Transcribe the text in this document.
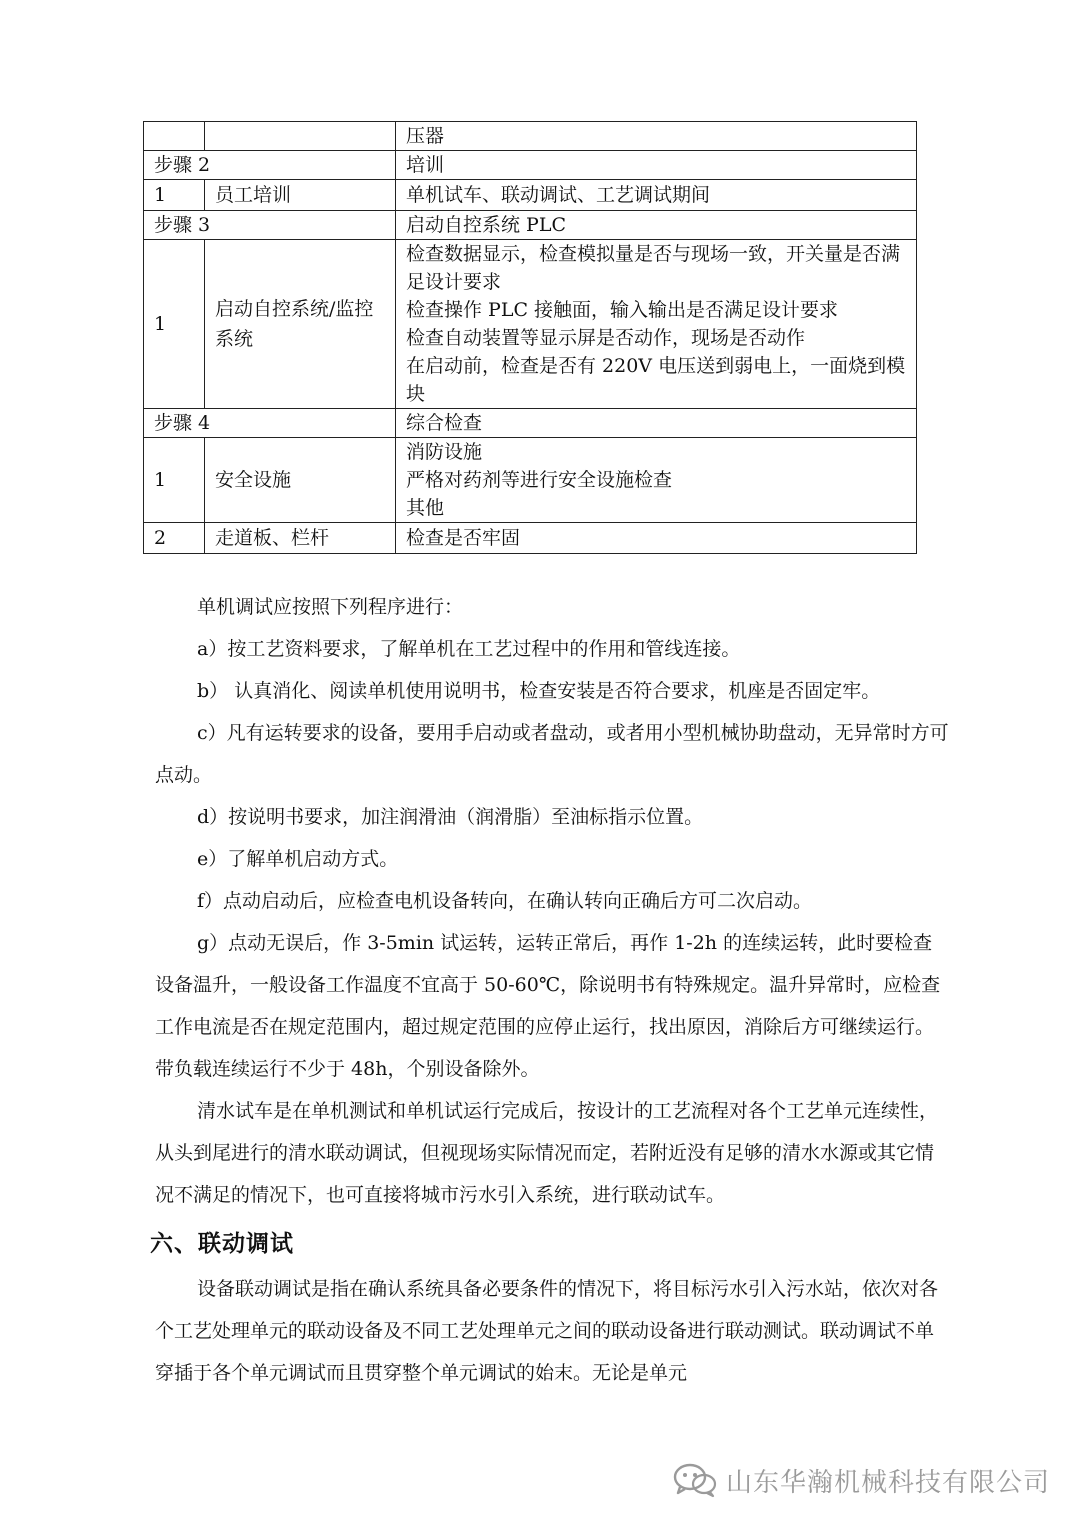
		压器

步骤 2		培训

1	员工培训	单机试车、联动调试、工艺调试期间

步骤 3		启动自控系统 PLC

1	启动自控系统/监控系统	检查数据显示，检查模拟量是否与现场一致，开关量是否满足设计要求
检查操作 PLC 接触面，输入输出是否满足设计要求
检查自动装置等显示屏是否动作，现场是否动作
在启动前，检查是否有 220V 电压送到弱电上，一面烧到模块

步骤 4		综合检查

1	安全设施	消防设施
严格对药剂等进行安全设施检查
其他

2	走道板、栏杆	检查是否牢固
单机调试应按照下列程序进行：
a）按工艺资料要求，了解单机在工艺过程中的作用和管线连接。
b） 认真消化、阅读单机使用说明书，检查安装是否符合要求，机座是否固定牢。
c）凡有运转要求的设备，要用手启动或者盘动，或者用小型机械协助盘动，无异常时方可点动。
d）按说明书要求，加注润滑油（润滑脂）至油标指示位置。
e）了解单机启动方式。
f）点动启动后，应检查电机设备转向，在确认转向正确后方可二次启动。
g）点动无误后，作 3-5min 试运转，运转正常后，再作 1-2h 的连续运转，此时要检查设备温升，一般设备工作温度不宜高于 50-60℃，除说明书有特殊规定。温升异常时，应检查工作电流是否在规定范围内，超过规定范围的应停止运行，找出原因，消除后方可继续运行。带负载连续运行不少于 48h，个别设备除外。
清水试车是在单机测试和单机试运行完成后，按设计的工艺流程对各个工艺单元连续性，从头到尾进行的清水联动调试，但视现场实际情况而定，若附近没有足够的清水水源或其它情况不满足的情况下，也可直接将城市污水引入系统，进行联动试车。
六、联动调试
设备联动调试是指在确认系统具备必要条件的情况下，将目标污水引入污水站，依次对各个工艺处理单元的联动设备及不同工艺处理单元之间的联动设备进行联动测试。联动调试不单穿插于各个单元调试而且贯穿整个单元调试的始末。无论是单元
山东华瀚机械科技有限公司
